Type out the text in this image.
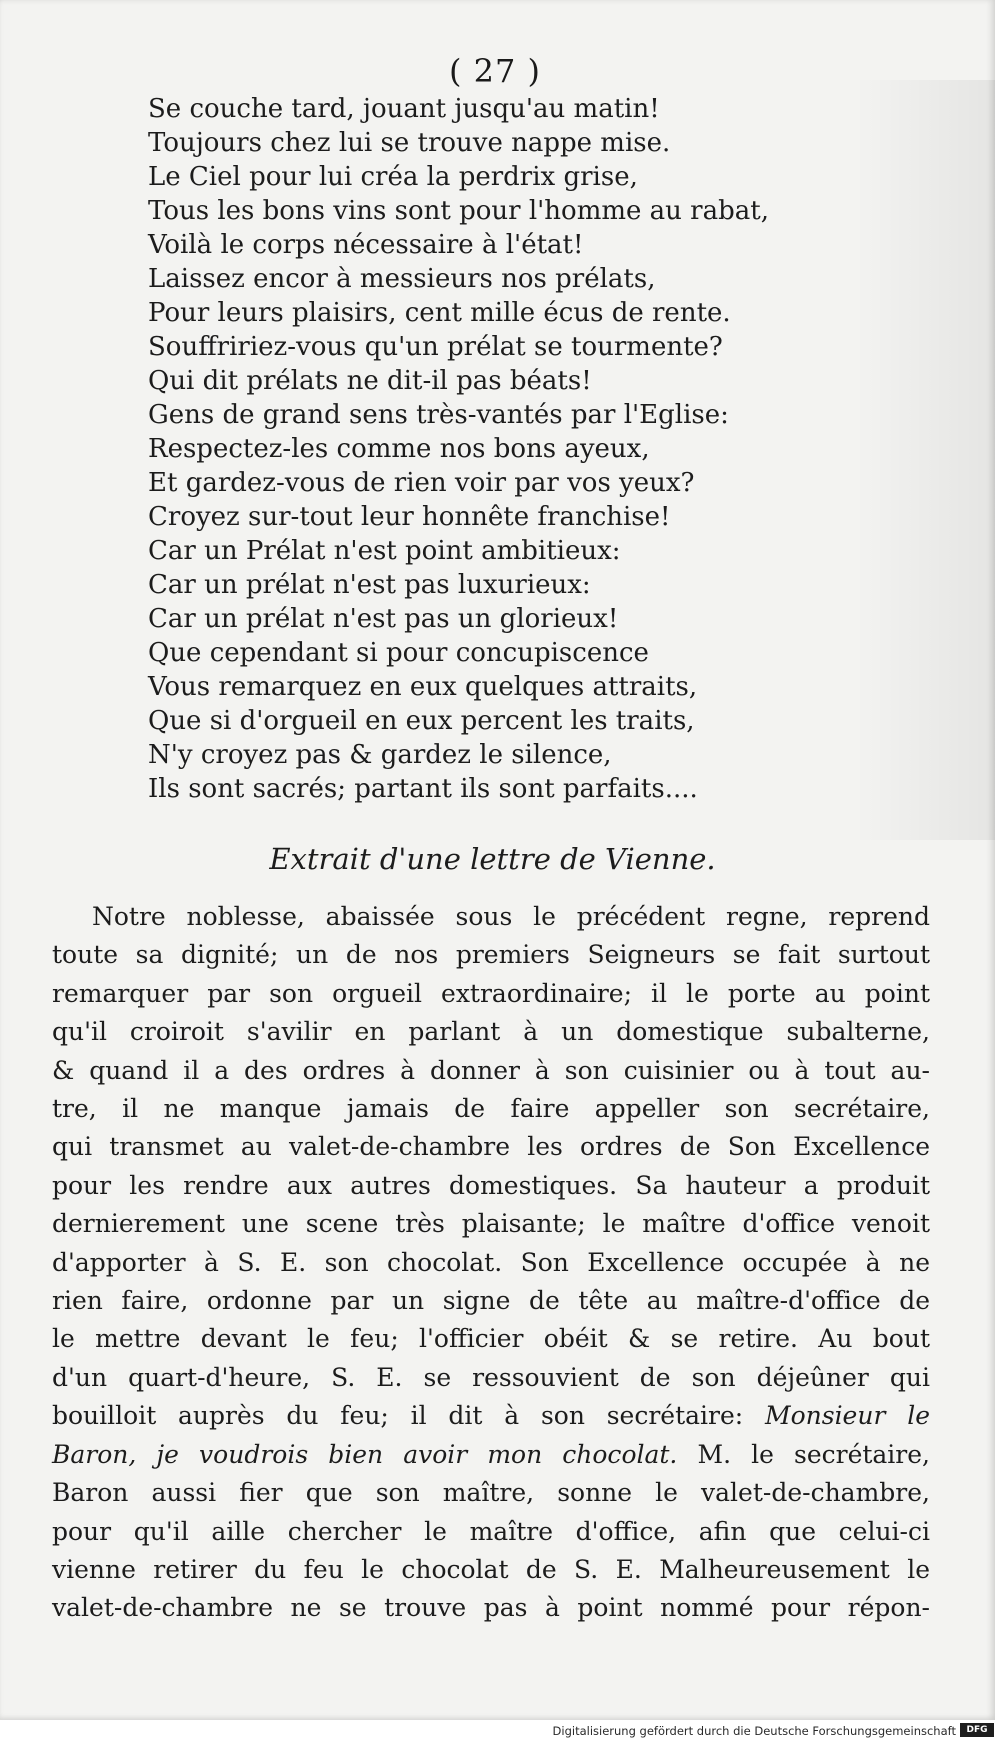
( 27 )
Se couche tard, jouant jusqu'au matin!
Toujours chez lui se trouve nappe mise.
Le Ciel pour lui créa la perdrix grise,
Tous les bons vins sont pour l'homme au rabat,
Voilà le corps nécessaire à l'état!
Laissez encor à messieurs nos prélats,
Pour leurs plaisirs, cent mille écus de rente.
Souffririez-vous qu'un prélat se tourmente?
Qui dit prélats ne dit-il pas béats!
Gens de grand sens très-vantés par l'Eglise:
Respectez-les comme nos bons ayeux,
Et gardez-vous de rien voir par vos yeux?
Croyez sur-tout leur honnête franchise!
Car un Prélat n'est point ambitieux:
Car un prélat n'est pas luxurieux:
Car un prélat n'est pas un glorieux!
Que cependant si pour concupiscence
Vous remarquez en eux quelques attraits,
Que si d'orgueil en eux percent les traits,
N'y croyez pas & gardez le silence,
Ils sont sacrés; partant ils sont parfaits....
Extrait d'une lettre de Vienne.
Notre noblesse, abaissée sous le précédent regne, reprend
toute sa dignité; un de nos premiers Seigneurs se fait surtout
remarquer par son orgueil extraordinaire; il le porte au point
qu'il croiroit s'avilir en parlant à un domestique subalterne,
& quand il a des ordres à donner à son cuisinier ou à tout au-
tre, il ne manque jamais de faire appeller son secrétaire,
qui transmet au valet-de-chambre les ordres de Son Excellence
pour les rendre aux autres domestiques. Sa hauteur a produit
dernierement une scene très plaisante; le maître d'office venoit
d'apporter à S. E. son chocolat. Son Excellence occupée à ne
rien faire, ordonne par un signe de tête au maître-d'office de
le mettre devant le feu; l'officier obéit & se retire. Au bout
d'un quart-d'heure, S. E. se ressouvient de son déjeûner qui
bouilloit auprès du feu; il dit à son secrétaire: Monsieur le
Baron, je voudrois bien avoir mon chocolat. M. le secrétaire,
Baron aussi fier que son maître, sonne le valet-de-chambre,
pour qu'il aille chercher le maître d'office, afin que celui-ci
vienne retirer du feu le chocolat de S. E. Malheureusement le
valet-de-chambre ne se trouve pas à point nommé pour répon-
Digitalisierung gefördert durch die Deutsche Forschungsgemeinschaft	DFG
